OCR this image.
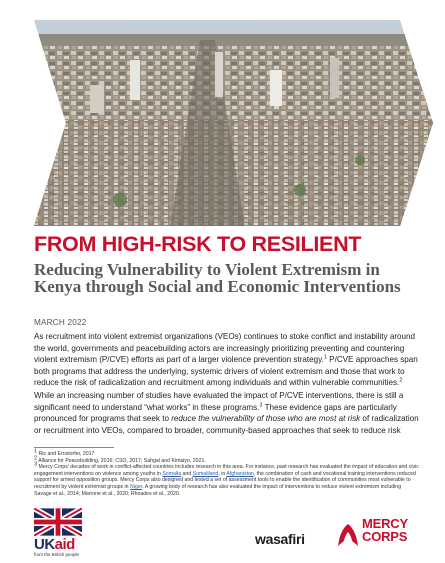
FROM HIGH-RISK TO RESILIENT
Reducing Vulnerability to Violent Extremism in Kenya through Social and Economic Interventions
MARCH 2022
As recruitment into violent extremist organizations (VEOs) continues to stoke conflict and instability around the world, governments and peacebuilding actors are increasingly prioritizing preventing and countering violent extremism (P/CVE) efforts as part of a larger violence prevention strategy.$^1$ P/CVE approaches span both programs that address the underlying, systemic drivers of violent extremism and those that work to reduce the risk of radicalization and recruitment among individuals and within vulnerable communities.$^2$
While an increasing number of studies have evaluated the impact of P/CVE interventions, there is still a significant need to understand “what works” in these programs.$^3$ These evidence gaps are particularly pronounced for programs that seek to reduce the vulnerability of those who are most at risk of radicalization or recruitment into VEOs, compared to broader, community-based approaches that seek to reduce risk
$^1$ Ris and Ernstorfer, 2017
$^2$ Alliance for Peacebuilding, 2016; CSO, 2017; Sahgal and Kimaiyo, 2021.
$^3$ Mercy Corps’ decades of work in conflict-affected countries includes research in this area. For instance, past research has evaluated the impact of education and civic engagement interventions on violence among youths in Somalia and Somaliland, in Afghanistan, the combination of cash and vocational training interventions reduced support for armed opposition groups. Mercy Corps also designed and tested a set of assessment tools to enable the identification of communities most vulnerable to recruitment by violent extremist groups in Niger. A growing body of research has also evaluated the impact of interventions to reduce violent extremism including Savage et al., 2014; Marrone et al., 2020; Rhoades et al., 2020.
UKaid
from the British people
wasafiri
MERCY
CORPS
